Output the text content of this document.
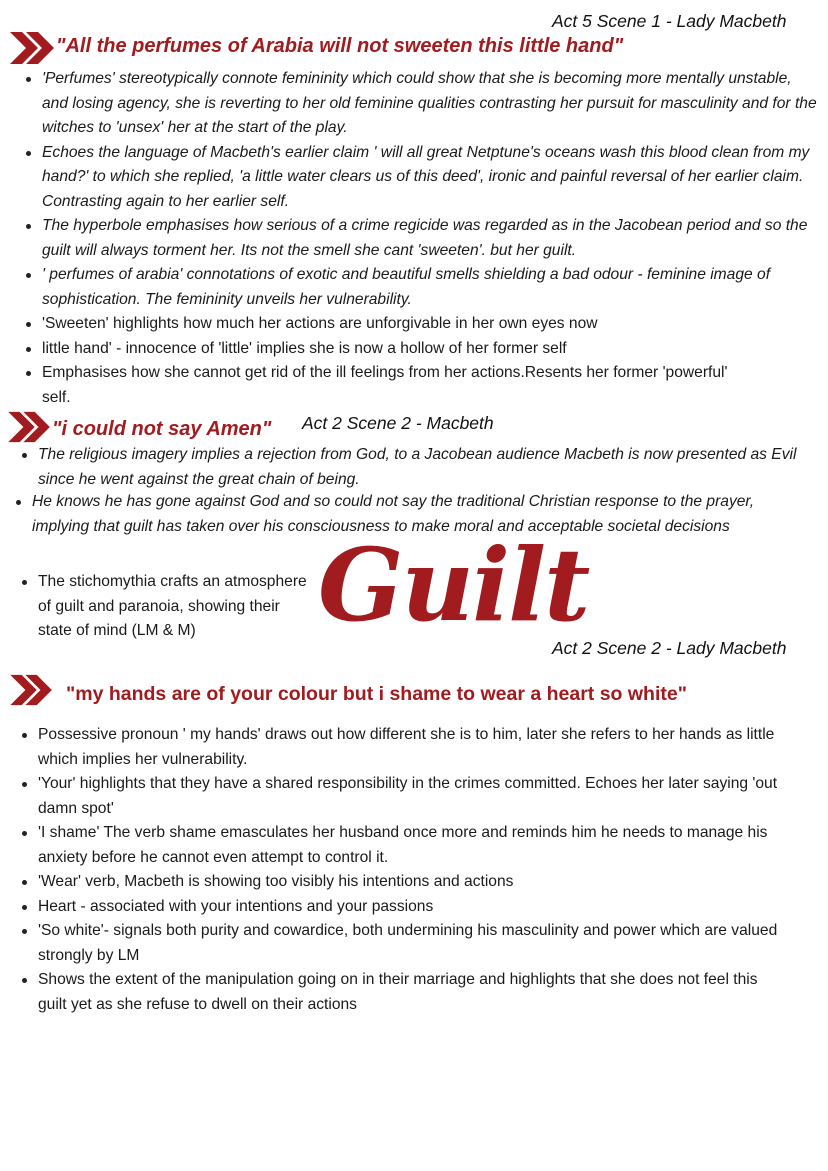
Act 5 Scene 1 - Lady Macbeth
"All the perfumes of Arabia will not sweeten this little hand"
'Perfumes' stereotypically connote femininity which could show that she is becoming more mentally unstable, and losing agency, she is reverting to her old feminine qualities contrasting her pursuit for masculinity and for the witches to 'unsex' her at the start of the play.
Echoes the language of Macbeth's earlier claim ' will all great Netptune's oceans wash this blood clean from my hand?' to which she replied, 'a little water clears us of this deed', ironic and painful reversal of her earlier claim. Contrasting again to her earlier self.
The hyperbole emphasises how serious of a crime regicide was regarded as in the Jacobean period and so the guilt will always torment her. Its not the smell she cant 'sweeten'. but her guilt.
' perfumes of arabia' connotations of exotic and beautiful smells shielding a bad odour - feminine image of sophistication. The femininity unveils her vulnerability.
'Sweeten' highlights how much her actions are unforgivable in her own eyes now
little hand' - innocence of 'little' implies she is now a hollow of her former self
Emphasises how she cannot get rid of the ill feelings from her actions.Resents her former 'powerful' self.
"i could not say Amen" Act 2 Scene 2 - Macbeth
The religious imagery implies a rejection from God, to a Jacobean audience Macbeth is now presented as Evil since he went against the great chain of being.
He knows he has gone against God and so could not say the traditional Christian response to the prayer, implying that guilt has taken over his consciousness to make moral and acceptable societal decisions
The stichomythia crafts an atmosphere of guilt and paranoia, showing their state of mind (LM & M)	Guilt
Act 2 Scene 2 - Lady Macbeth
"my hands are of your colour but i shame to wear a heart so white"
Possessive pronoun ' my hands' draws out how different she is to him, later she refers to her hands as little which implies her vulnerability.
'Your' highlights that they have a shared responsibility in the crimes committed. Echoes her later saying 'out damn spot'
'I shame' The verb shame emasculates her husband once more and reminds him he needs to manage his anxiety before he cannot even attempt to control it.
'Wear' verb, Macbeth is showing too visibly his intentions and actions
Heart - associated with your intentions and your passions
'So white'- signals both purity and cowardice, both undermining his masculinity and power which are valued strongly by LM
Shows the extent of the manipulation going on in their marriage and highlights that she does not feel this guilt yet as she refuse to dwell on their actions
